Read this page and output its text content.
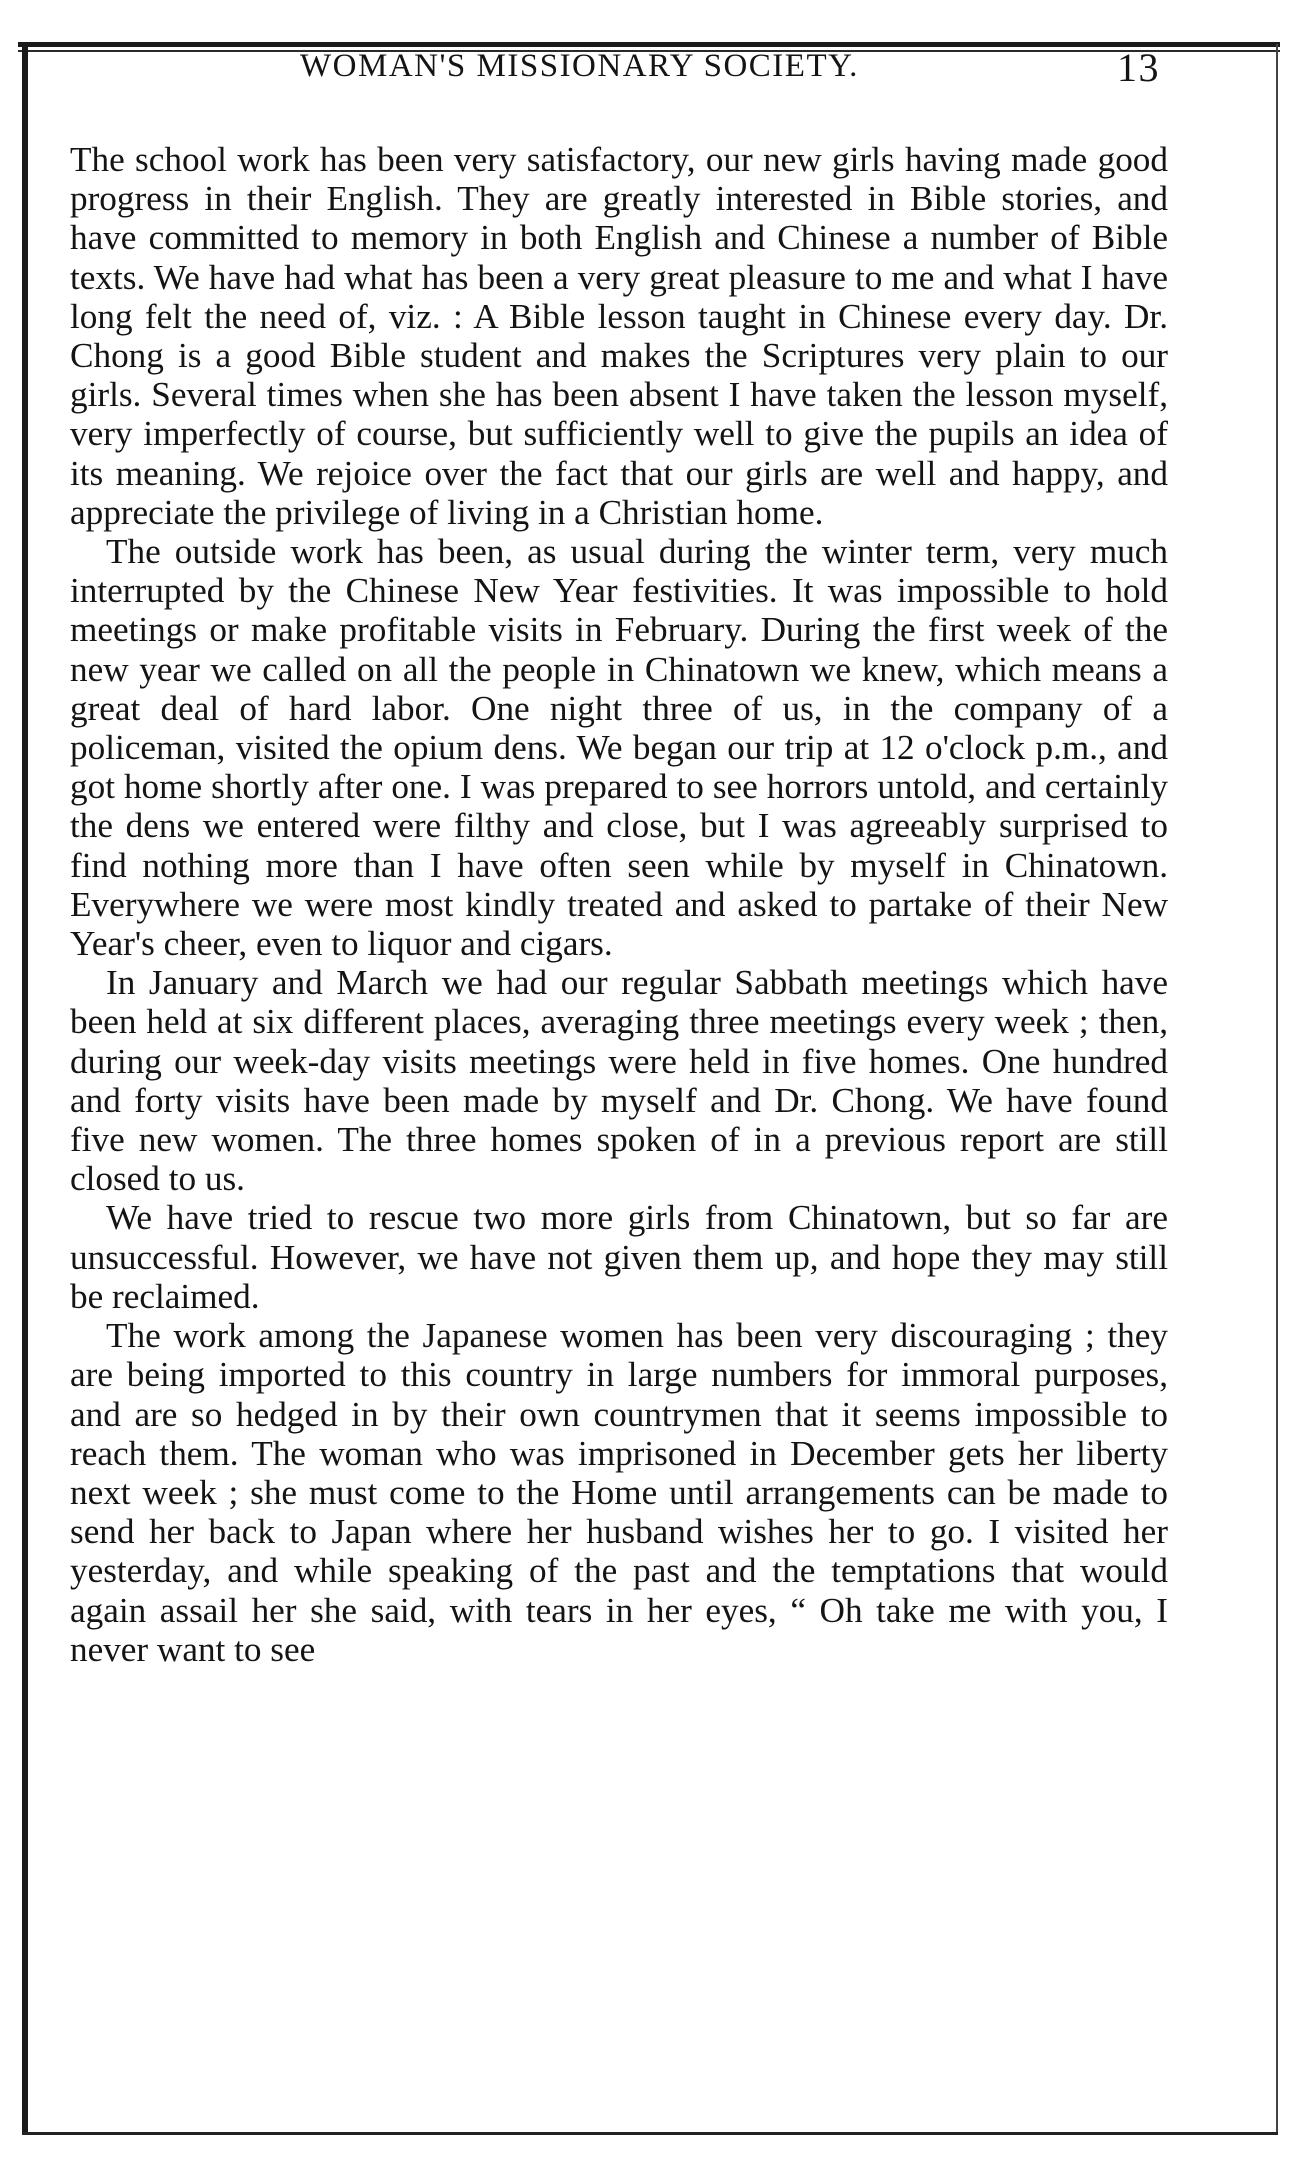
WOMAN'S MISSIONARY SOCIETY.	13

The school work has been very satisfactory, our new girls having made good progress in their English. They are greatly interested in Bible stories, and have committed to memory in both English and Chinese a number of Bible texts. We have had what has been a very great pleasure to me and what I have long felt the need of, viz. : A Bible lesson taught in Chinese every day. Dr. Chong is a good Bible student and makes the Scriptures very plain to our girls. Several times when she has been absent I have taken the lesson myself, very imperfectly of course, but sufficiently well to give the pupils an idea of its meaning. We rejoice over the fact that our girls are well and happy, and appreciate the privilege of living in a Christian home.

The outside work has been, as usual during the winter term, very much interrupted by the Chinese New Year festivities. It was impossible to hold meetings or make profitable visits in February. During the first week of the new year we called on all the people in Chinatown we knew, which means a great deal of hard labor. One night three of us, in the company of a policeman, visited the opium dens. We began our trip at 12 o'clock p.m., and got home shortly after one. I was prepared to see horrors untold, and certainly the dens we entered were filthy and close, but I was agreeably surprised to find nothing more than I have often seen while by myself in Chinatown. Everywhere we were most kindly treated and asked to partake of their New Year's cheer, even to liquor and cigars.

In January and March we had our regular Sabbath meetings which have been held at six different places, averaging three meetings every week ; then, during our week-day visits meetings were held in five homes. One hundred and forty visits have been made by myself and Dr. Chong. We have found five new women. The three homes spoken of in a previous report are still closed to us.

We have tried to rescue two more girls from Chinatown, but so far are unsuccessful. However, we have not given them up, and hope they may still be reclaimed.

The work among the Japanese women has been very discouraging ; they are being imported to this country in large numbers for immoral purposes, and are so hedged in by their own countrymen that it seems impossible to reach them. The woman who was imprisoned in December gets her liberty next week ; she must come to the Home until arrangements can be made to send her back to Japan where her husband wishes her to go. I visited her yesterday, and while speaking of the past and the temptations that would again assail her she said, with tears in her eyes, “ Oh take me with you, I never want to see
